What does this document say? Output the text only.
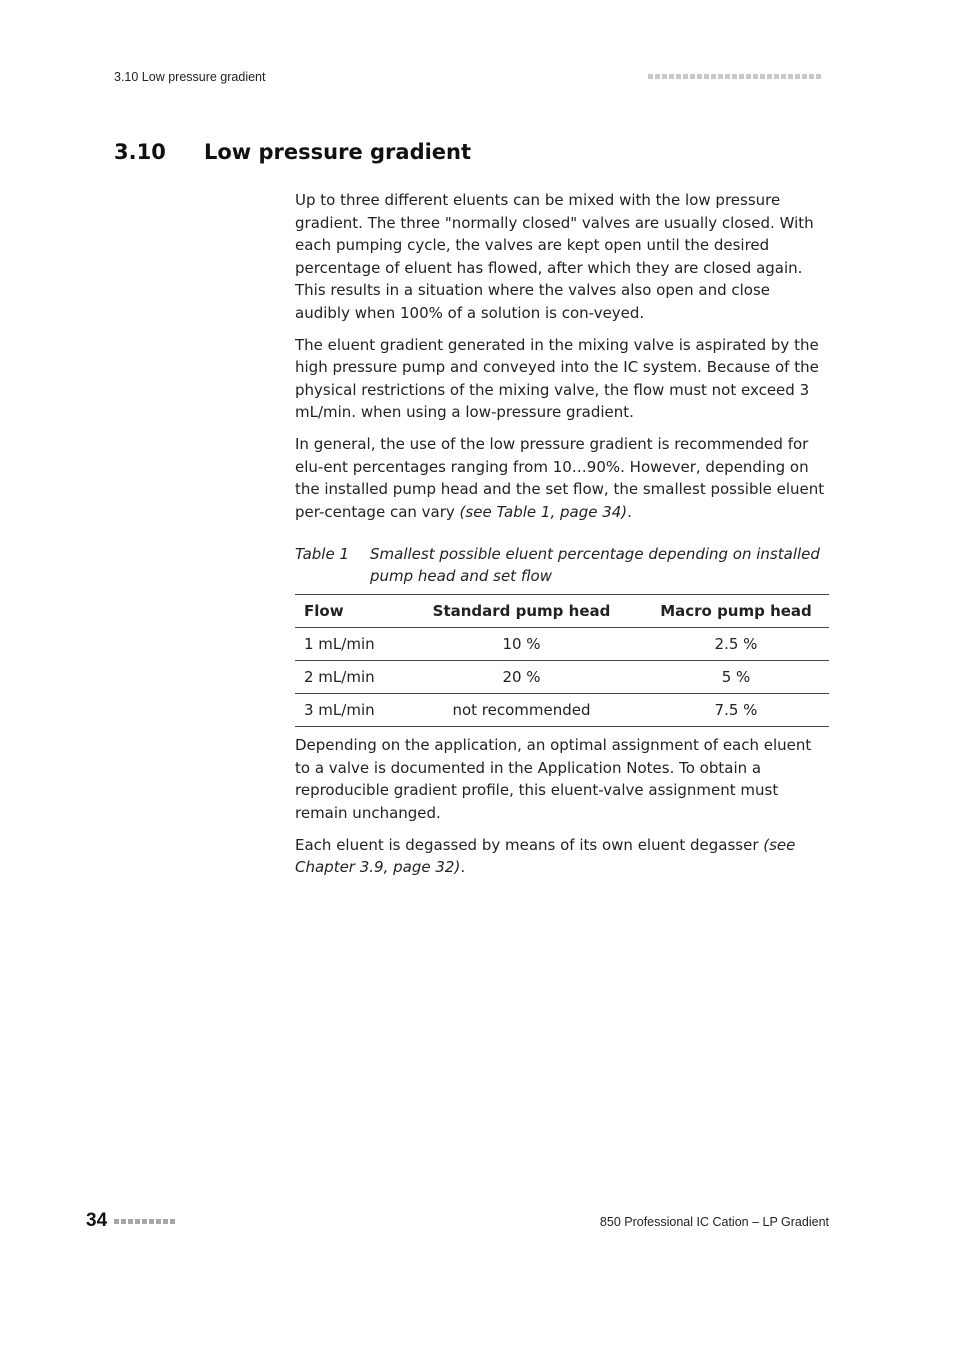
3.10 Low pressure gradient
3.10 Low pressure gradient

Up to three different eluents can be mixed with the low pressure gradient. The three "normally closed" valves are usually closed. With each pumping cycle, the valves are kept open until the desired percentage of eluent has flowed, after which they are closed again. This results in a situation where the valves also open and close audibly when 100% of a solution is con-veyed.

The eluent gradient generated in the mixing valve is aspirated by the high pressure pump and conveyed into the IC system. Because of the physical restrictions of the mixing valve, the flow must not exceed 3 mL/min. when using a low-pressure gradient.

In general, the use of the low pressure gradient is recommended for elu-ent percentages ranging from 10…90%. However, depending on the installed pump head and the set flow, the smallest possible eluent per-centage can vary (see Table 1, page 34).

Table 1	Smallest possible eluent percentage depending on installed pump head and set flow
Flow	Standard pump head	Macro pump head
1 mL/min	10 %	2.5 %
2 mL/min	20 %	5 %
3 mL/min	not recommended	7.5 %

Depending on the application, an optimal assignment of each eluent to a valve is documented in the Application Notes. To obtain a reproducible gradient profile, this eluent-valve assignment must remain unchanged.

Each eluent is degassed by means of its own eluent degasser (see Chapter 3.9, page 32).

34	850 Professional IC Cation – LP Gradient
